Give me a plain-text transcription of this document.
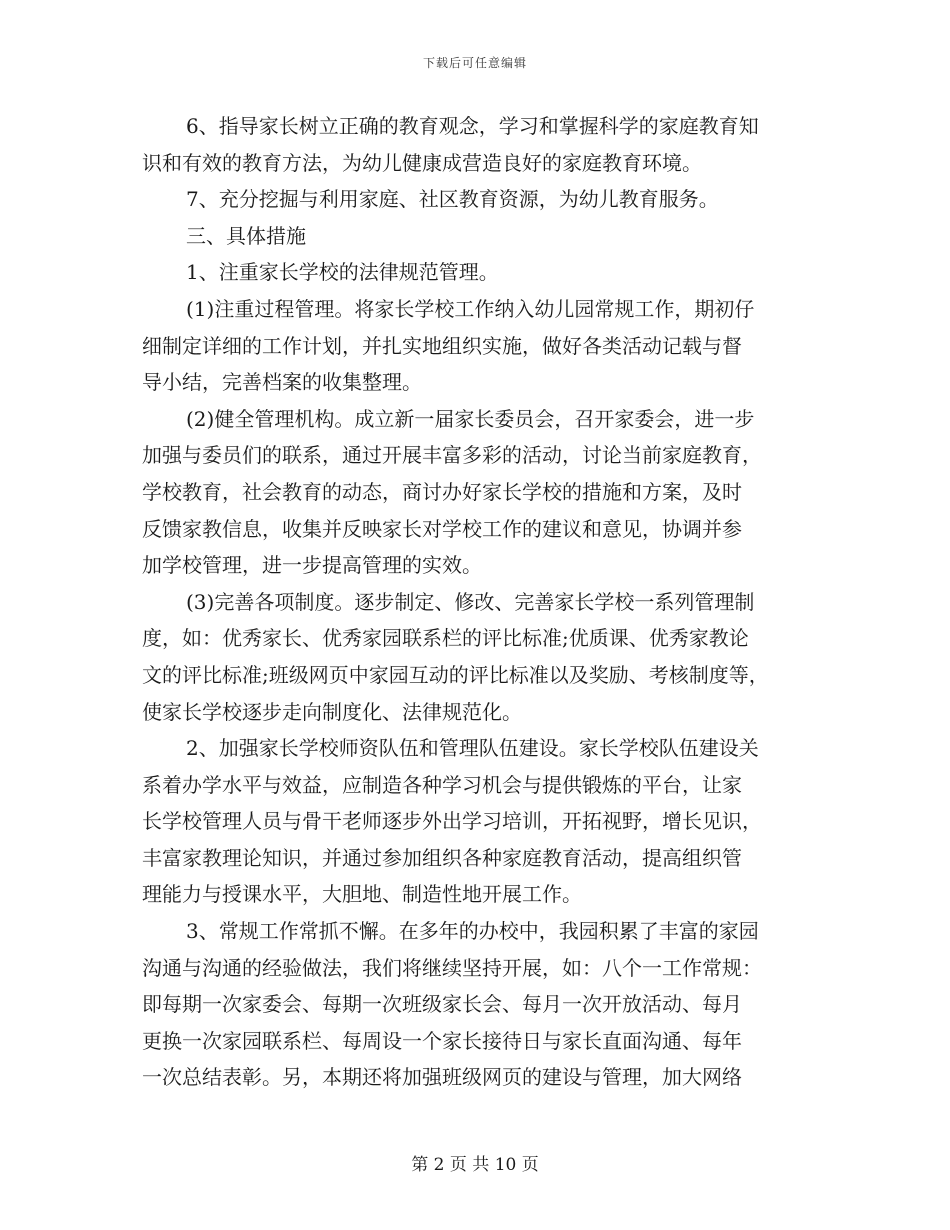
下载后可任意编辑
6、指导家长树立正确的教育观念，学习和掌握科学的家庭教育知
识和有效的教育方法，为幼儿健康成营造良好的家庭教育环境。
7、充分挖掘与利用家庭、社区教育资源，为幼儿教育服务。
三、具体措施
1、注重家长学校的法律规范管理。
(1)注重过程管理。将家长学校工作纳入幼儿园常规工作，期初仔
细制定详细的工作计划，并扎实地组织实施，做好各类活动记载与督
导小结，完善档案的收集整理。
(2)健全管理机构。成立新一届家长委员会，召开家委会，进一步
加强与委员们的联系，通过开展丰富多彩的活动，讨论当前家庭教育，
学校教育，社会教育的动态，商讨办好家长学校的措施和方案，及时
反馈家教信息，收集并反映家长对学校工作的建议和意见，协调并参
加学校管理，进一步提高管理的实效。
(3)完善各项制度。逐步制定、修改、完善家长学校一系列管理制
度，如：优秀家长、优秀家园联系栏的评比标准;优质课、优秀家教论
文的评比标准;班级网页中家园互动的评比标准以及奖励、考核制度等，
使家长学校逐步走向制度化、法律规范化。
2、加强家长学校师资队伍和管理队伍建设。家长学校队伍建设关
系着办学水平与效益，应制造各种学习机会与提供锻炼的平台，让家
长学校管理人员与骨干老师逐步外出学习培训，开拓视野，增长见识，
丰富家教理论知识，并通过参加组织各种家庭教育活动，提高组织管
理能力与授课水平，大胆地、制造性地开展工作。
3、常规工作常抓不懈。在多年的办校中，我园积累了丰富的家园
沟通与沟通的经验做法，我们将继续坚持开展，如：八个一工作常规：
即每期一次家委会、每期一次班级家长会、每月一次开放活动、每月
更换一次家园联系栏、每周设一个家长接待日与家长直面沟通、每年
一次总结表彰。另，本期还将加强班级网页的建设与管理，加大网络
第 2 页 共 10 页
